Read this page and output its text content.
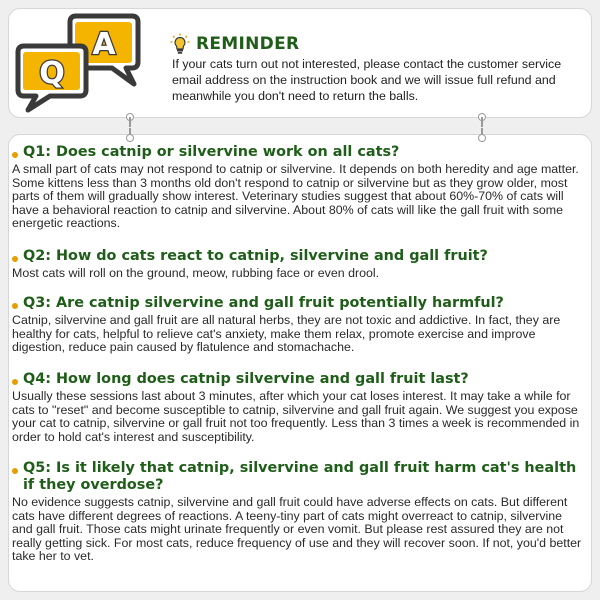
A
Q
REMINDER
If your cats turn out not interested, please contact the customer service email address on the instruction book and we will issue full refund and meanwhile you don't need to return the balls.
Q1: Does catnip or silvervine work on all cats?
A small part of cats may not respond to catnip or silvervine. It depends on both heredity and age matter. Some kittens less than 3 months old don't respond to catnip or silvervine but as they grow older, most parts of them will gradually show interest. Veterinary studies suggest that about 60%-70% of cats will have a behavioral reaction to catnip and silvervine. About 80% of cats will like the gall fruit with some energetic reactions.
Q2: How do cats react to catnip, silvervine and gall fruit?
Most cats will roll on the ground, meow, rubbing face or even drool.
Q3: Are catnip silvervine and gall fruit potentially harmful?
Catnip, silvervine and gall fruit are all natural herbs, they are not toxic and addictive. In fact, they are healthy for cats, helpful to relieve cat's anxiety, make them relax, promote exercise and improve digestion, reduce pain caused by flatulence and stomachache.
Q4: How long does catnip silvervine and gall fruit last?
Usually these sessions last about 3 minutes, after which your cat loses interest. It may take a while for cats to "reset" and become susceptible to catnip, silvervine and gall fruit again. We suggest you expose your cat to catnip, silvervine or gall fruit not too frequently. Less than 3 times a week is recommended in order to hold cat's interest and susceptibility.
Q5: Is it likely that catnip, silvervine and gall fruit harm cat's health if they overdose?
No evidence suggests catnip, silvervine and gall fruit could have adverse effects on cats. But different cats have different degrees of reactions. A teeny-tiny part of cats might overreact to catnip, silvervine and gall fruit. Those cats might urinate frequently or even vomit. But please rest assured they are not really getting sick. For most cats, reduce frequency of use and they will recover soon. If not, you'd better take her to vet.
